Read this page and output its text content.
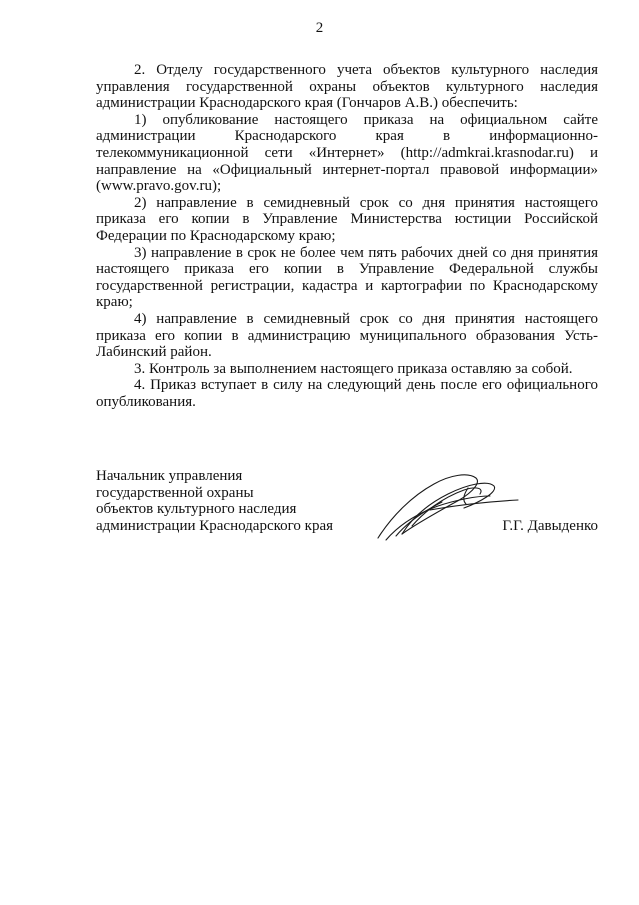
2

2. Отделу государственного учета объектов культурного наследия управления государственной охраны объектов культурного наследия администрации Краснодарского края (Гончаров А.В.) обеспечить:

1) опубликование настоящего приказа на официальном сайте администрации Краснодарского края в информационно-телекоммуникационной сети «Интернет» (http://admkrai.krasnodar.ru) и направление на «Официальный интернет-портал правовой информации» (www.pravo.gov.ru);

2) направление в семидневный срок со дня принятия настоящего приказа его копии в Управление Министерства юстиции Российской Федерации по Краснодарскому краю;

3) направление в срок не более чем пять рабочих дней со дня принятия настоящего приказа его копии в Управление Федеральной службы государственной регистрации, кадастра и картографии по Краснодарскому краю;

4) направление в семидневный срок со дня принятия настоящего приказа его копии в администрацию муниципального образования Усть-Лабинский район.

3. Контроль за выполнением настоящего приказа оставляю за собой.

4. Приказ вступает в силу на следующий день после его официального опубликования.

Начальник управления
государственной охраны
объектов культурного наследия
администрации Краснодарского края	Г.Г. Давыденко
